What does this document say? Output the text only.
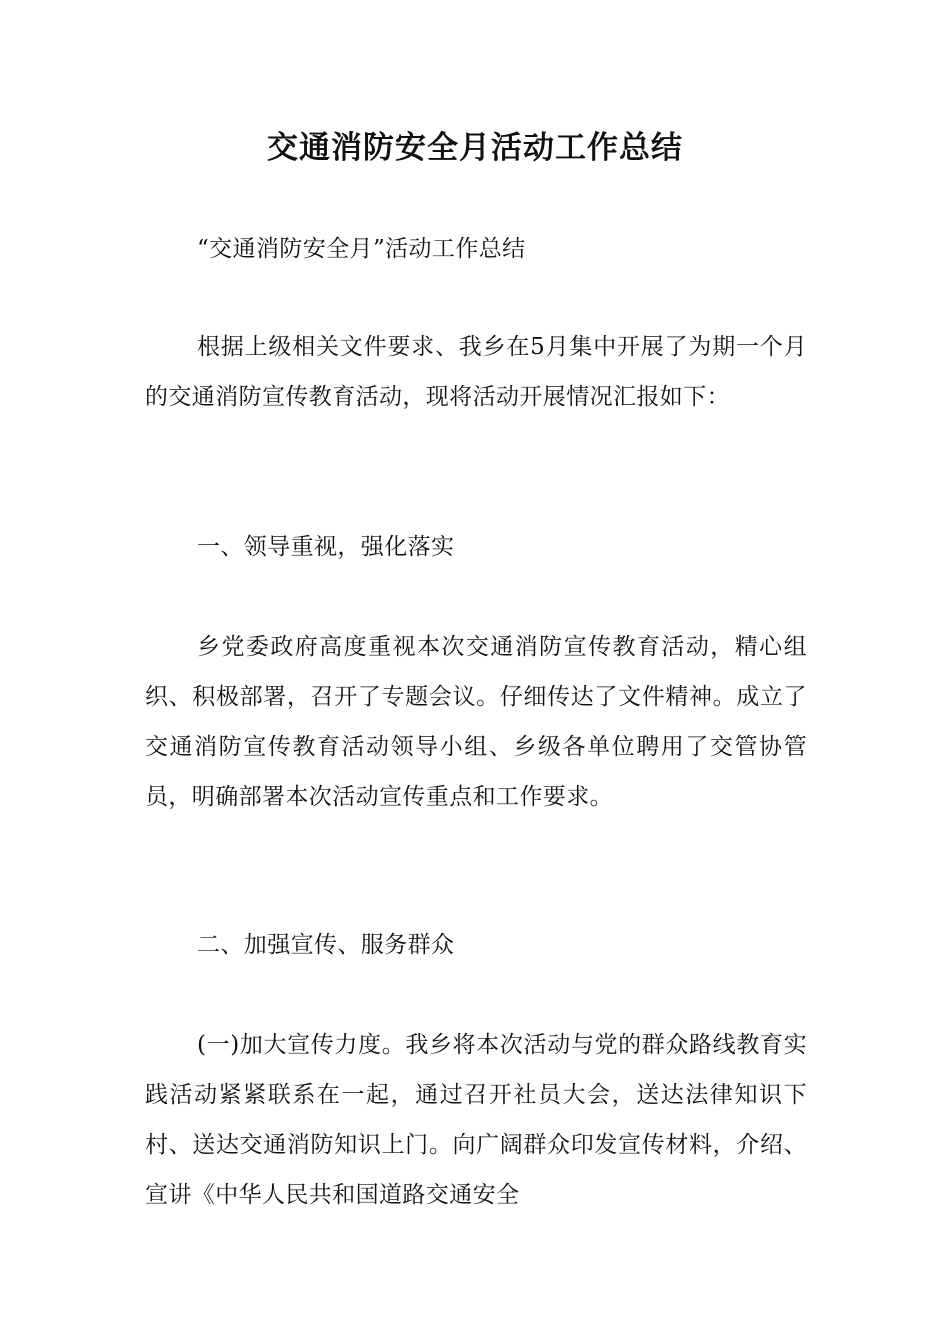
交通消防安全月活动工作总结

“交通消防安全月”活动工作总结

根据上级相关文件要求、我乡在5月集中开展了为期一个月的交通消防宣传教育活动，现将活动开展情况汇报如下：

一、领导重视，强化落实

乡党委政府高度重视本次交通消防宣传教育活动，精心组织、积极部署，召开了专题会议。仔细传达了文件精神。成立了交通消防宣传教育活动领导小组、乡级各单位聘用了交管协管员，明确部署本次活动宣传重点和工作要求。

二、加强宣传、服务群众

(一)加大宣传力度。我乡将本次活动与党的群众路线教育实践活动紧紧联系在一起，通过召开社员大会，送达法律知识下村、送达交通消防知识上门。向广阔群众印发宣传材料，介绍、宣讲《中华人民共和国道路交通安全
